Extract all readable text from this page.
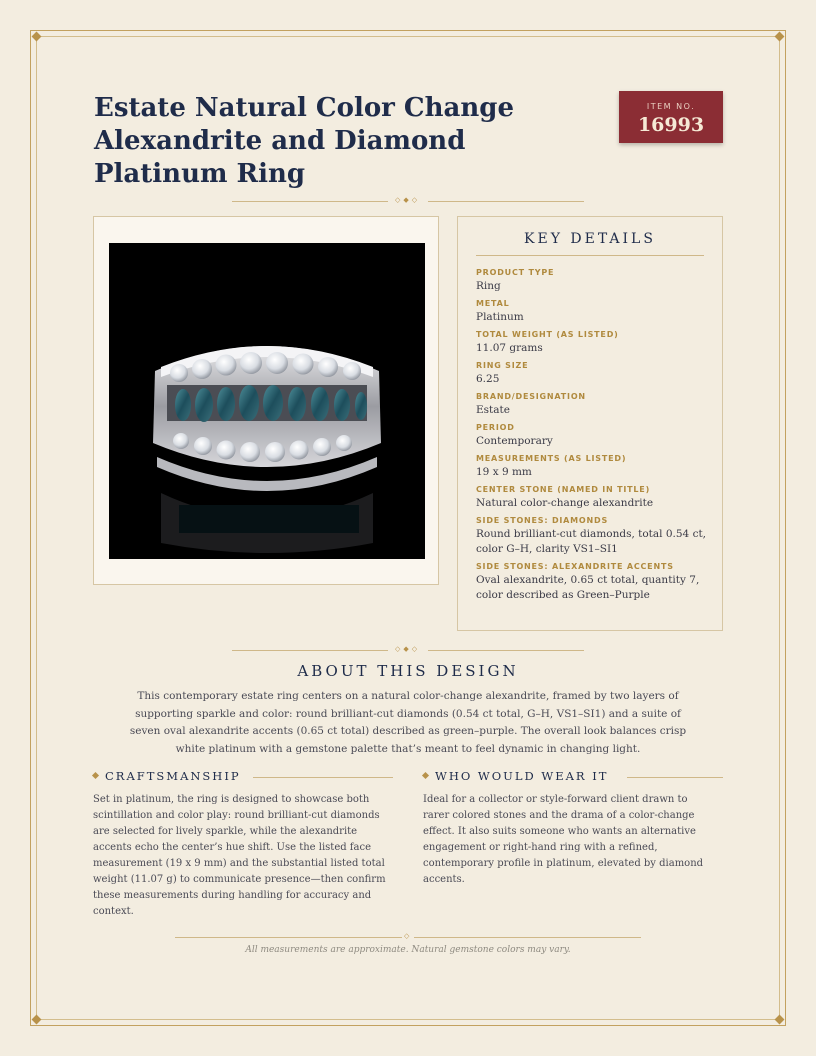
Estate Natural Color Change Alexandrite and Diamond Platinum Ring
ITEM NO.
16993
◇◆◇
KEY DETAILS
PRODUCT TYPE
Ring
METAL
Platinum
TOTAL WEIGHT (AS LISTED)
11.07 grams
RING SIZE
6.25
BRAND/DESIGNATION
Estate
PERIOD
Contemporary
MEASUREMENTS (AS LISTED)
19 x 9 mm
CENTER STONE (NAMED IN TITLE)
Natural color-change alexandrite
SIDE STONES: DIAMONDS
Round brilliant-cut diamonds, total 0.54 ct, color G–H, clarity VS1–SI1
SIDE STONES: ALEXANDRITE ACCENTS
Oval alexandrite, 0.65 ct total, quantity 7, color described as Green–Purple
◇◆◇
ABOUT THIS DESIGN
This contemporary estate ring centers on a natural color-change alexandrite, framed by two layers of supporting sparkle and color: round brilliant-cut diamonds (0.54 ct total, G–H, VS1–SI1) and a suite of seven oval alexandrite accents (0.65 ct total) described as green–purple. The overall look balances crisp white platinum with a gemstone palette that’s meant to feel dynamic in changing light.
CRAFTSMANSHIP
Set in platinum, the ring is designed to showcase both scintillation and color play: round brilliant-cut diamonds are selected for lively sparkle, while the alexandrite accents echo the center’s hue shift. Use the listed face measurement (19 x 9 mm) and the substantial listed total weight (11.07 g) to communicate presence—then confirm these measurements during handling for accuracy and context.
WHO WOULD WEAR IT
Ideal for a collector or style-forward client drawn to rarer colored stones and the drama of a color-change effect. It also suits someone who wants an alternative engagement or right-hand ring with a refined, contemporary profile in platinum, elevated by diamond accents.
◇
All measurements are approximate. Natural gemstone colors may vary.
